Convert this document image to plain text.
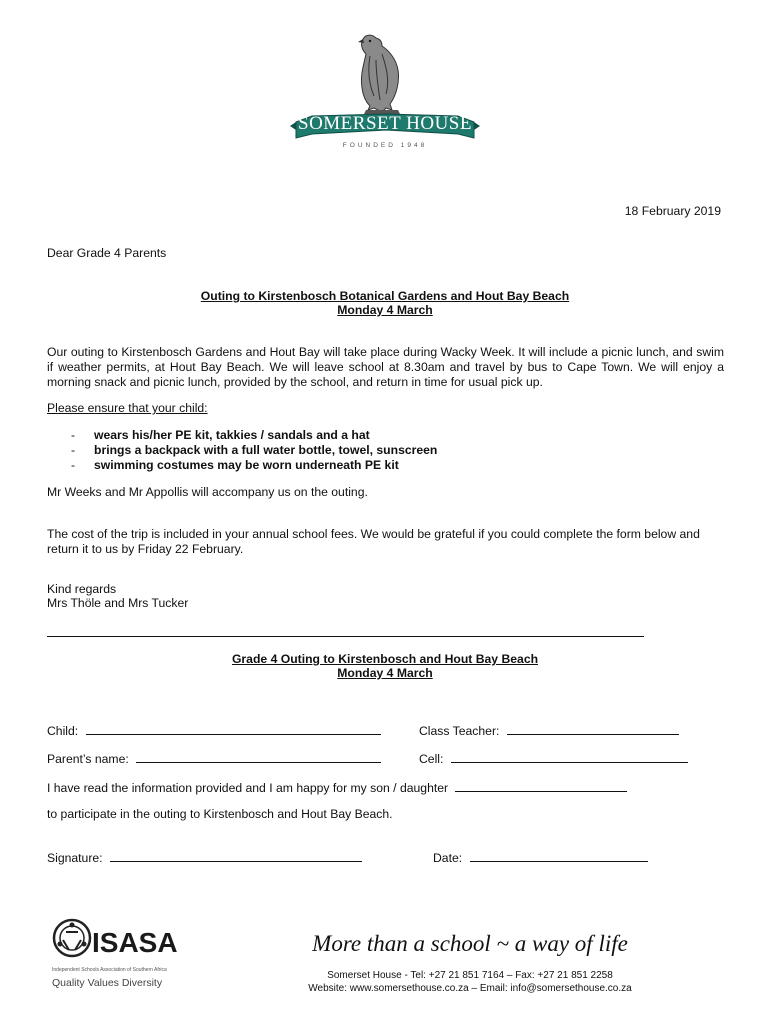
SOMERSET HOUSE
FOUNDED 1948
18 February 2019
Dear Grade 4 Parents
Outing to Kirstenbosch Botanical Gardens and Hout Bay Beach
Monday 4 March
Our outing to Kirstenbosch Gardens and Hout Bay will take place during Wacky Week. It will include a picnic lunch, and swim if weather permits, at Hout Bay Beach. We will leave school at 8.30am and travel by bus to Cape Town. We will enjoy a morning snack and picnic lunch, provided by the school, and return in time for usual pick up.
Please ensure that your child:
- wears his/her PE kit, takkies / sandals and a hat
- brings a backpack with a full water bottle, towel, sunscreen
- swimming costumes may be worn underneath PE kit
Mr Weeks and Mr Appollis will accompany us on the outing.
The cost of the trip is included in your annual school fees. We would be grateful if you could complete the form below and return it to us by Friday 22 February.
Kind regards
Mrs Thöle and Mrs Tucker
Grade 4 Outing to Kirstenbosch and Hout Bay Beach
Monday 4 March
Child:	Class Teacher:
Parent’s name:	Cell:
I have read the information provided and I am happy for my son / daughter
to participate in the outing to Kirstenbosch and Hout Bay Beach.
Signature:	Date:
ISASA
Independent Schools Association of Southern Africa
Quality Values Diversity
More than a school ~ a way of life
Somerset House - Tel: +27 21 851 7164 – Fax: +27 21 851 2258
Website: www.somersethouse.co.za – Email: info@somersethouse.co.za
